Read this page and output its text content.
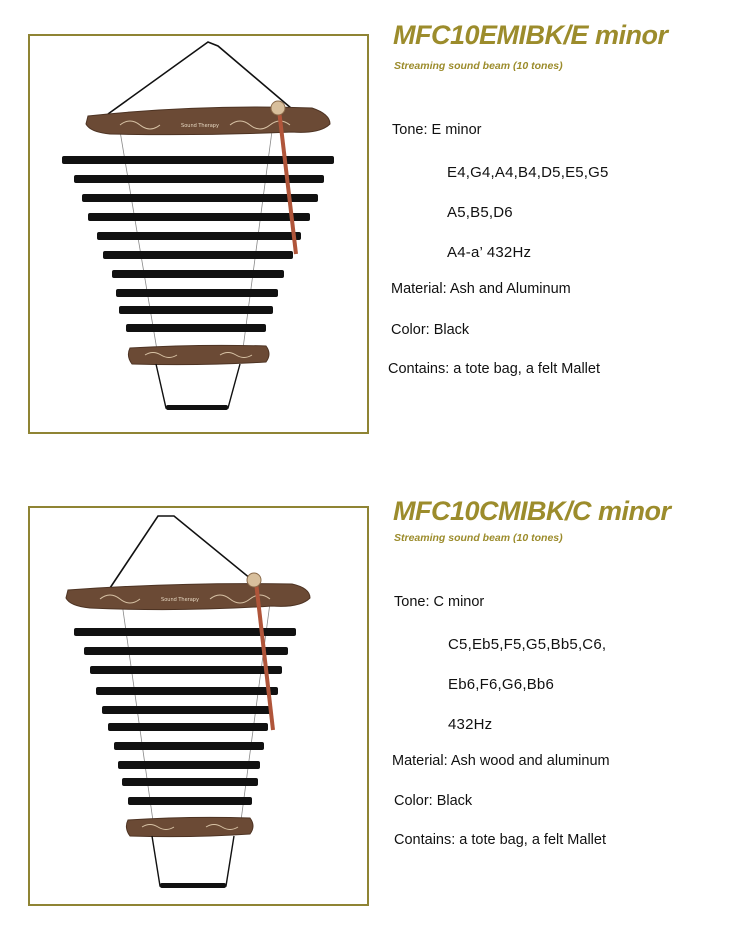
Sound Therapy
MFC10EMIBK/E minor
Streaming sound beam (10 tones)
Tone: E minor
E4,G4,A4,B4,D5,E5,G5
A5,B5,D6
A4-a’ 432Hz
Material: Ash and Aluminum
Color: Black
Contains: a tote bag, a felt Mallet
Sound Therapy
MFC10CMIBK/C minor
Streaming sound beam (10 tones)
Tone: C minor
C5,Eb5,F5,G5,Bb5,C6,
Eb6,F6,G6,Bb6
432Hz
Material: Ash wood and aluminum
Color: Black
Contains: a tote bag, a felt Mallet
